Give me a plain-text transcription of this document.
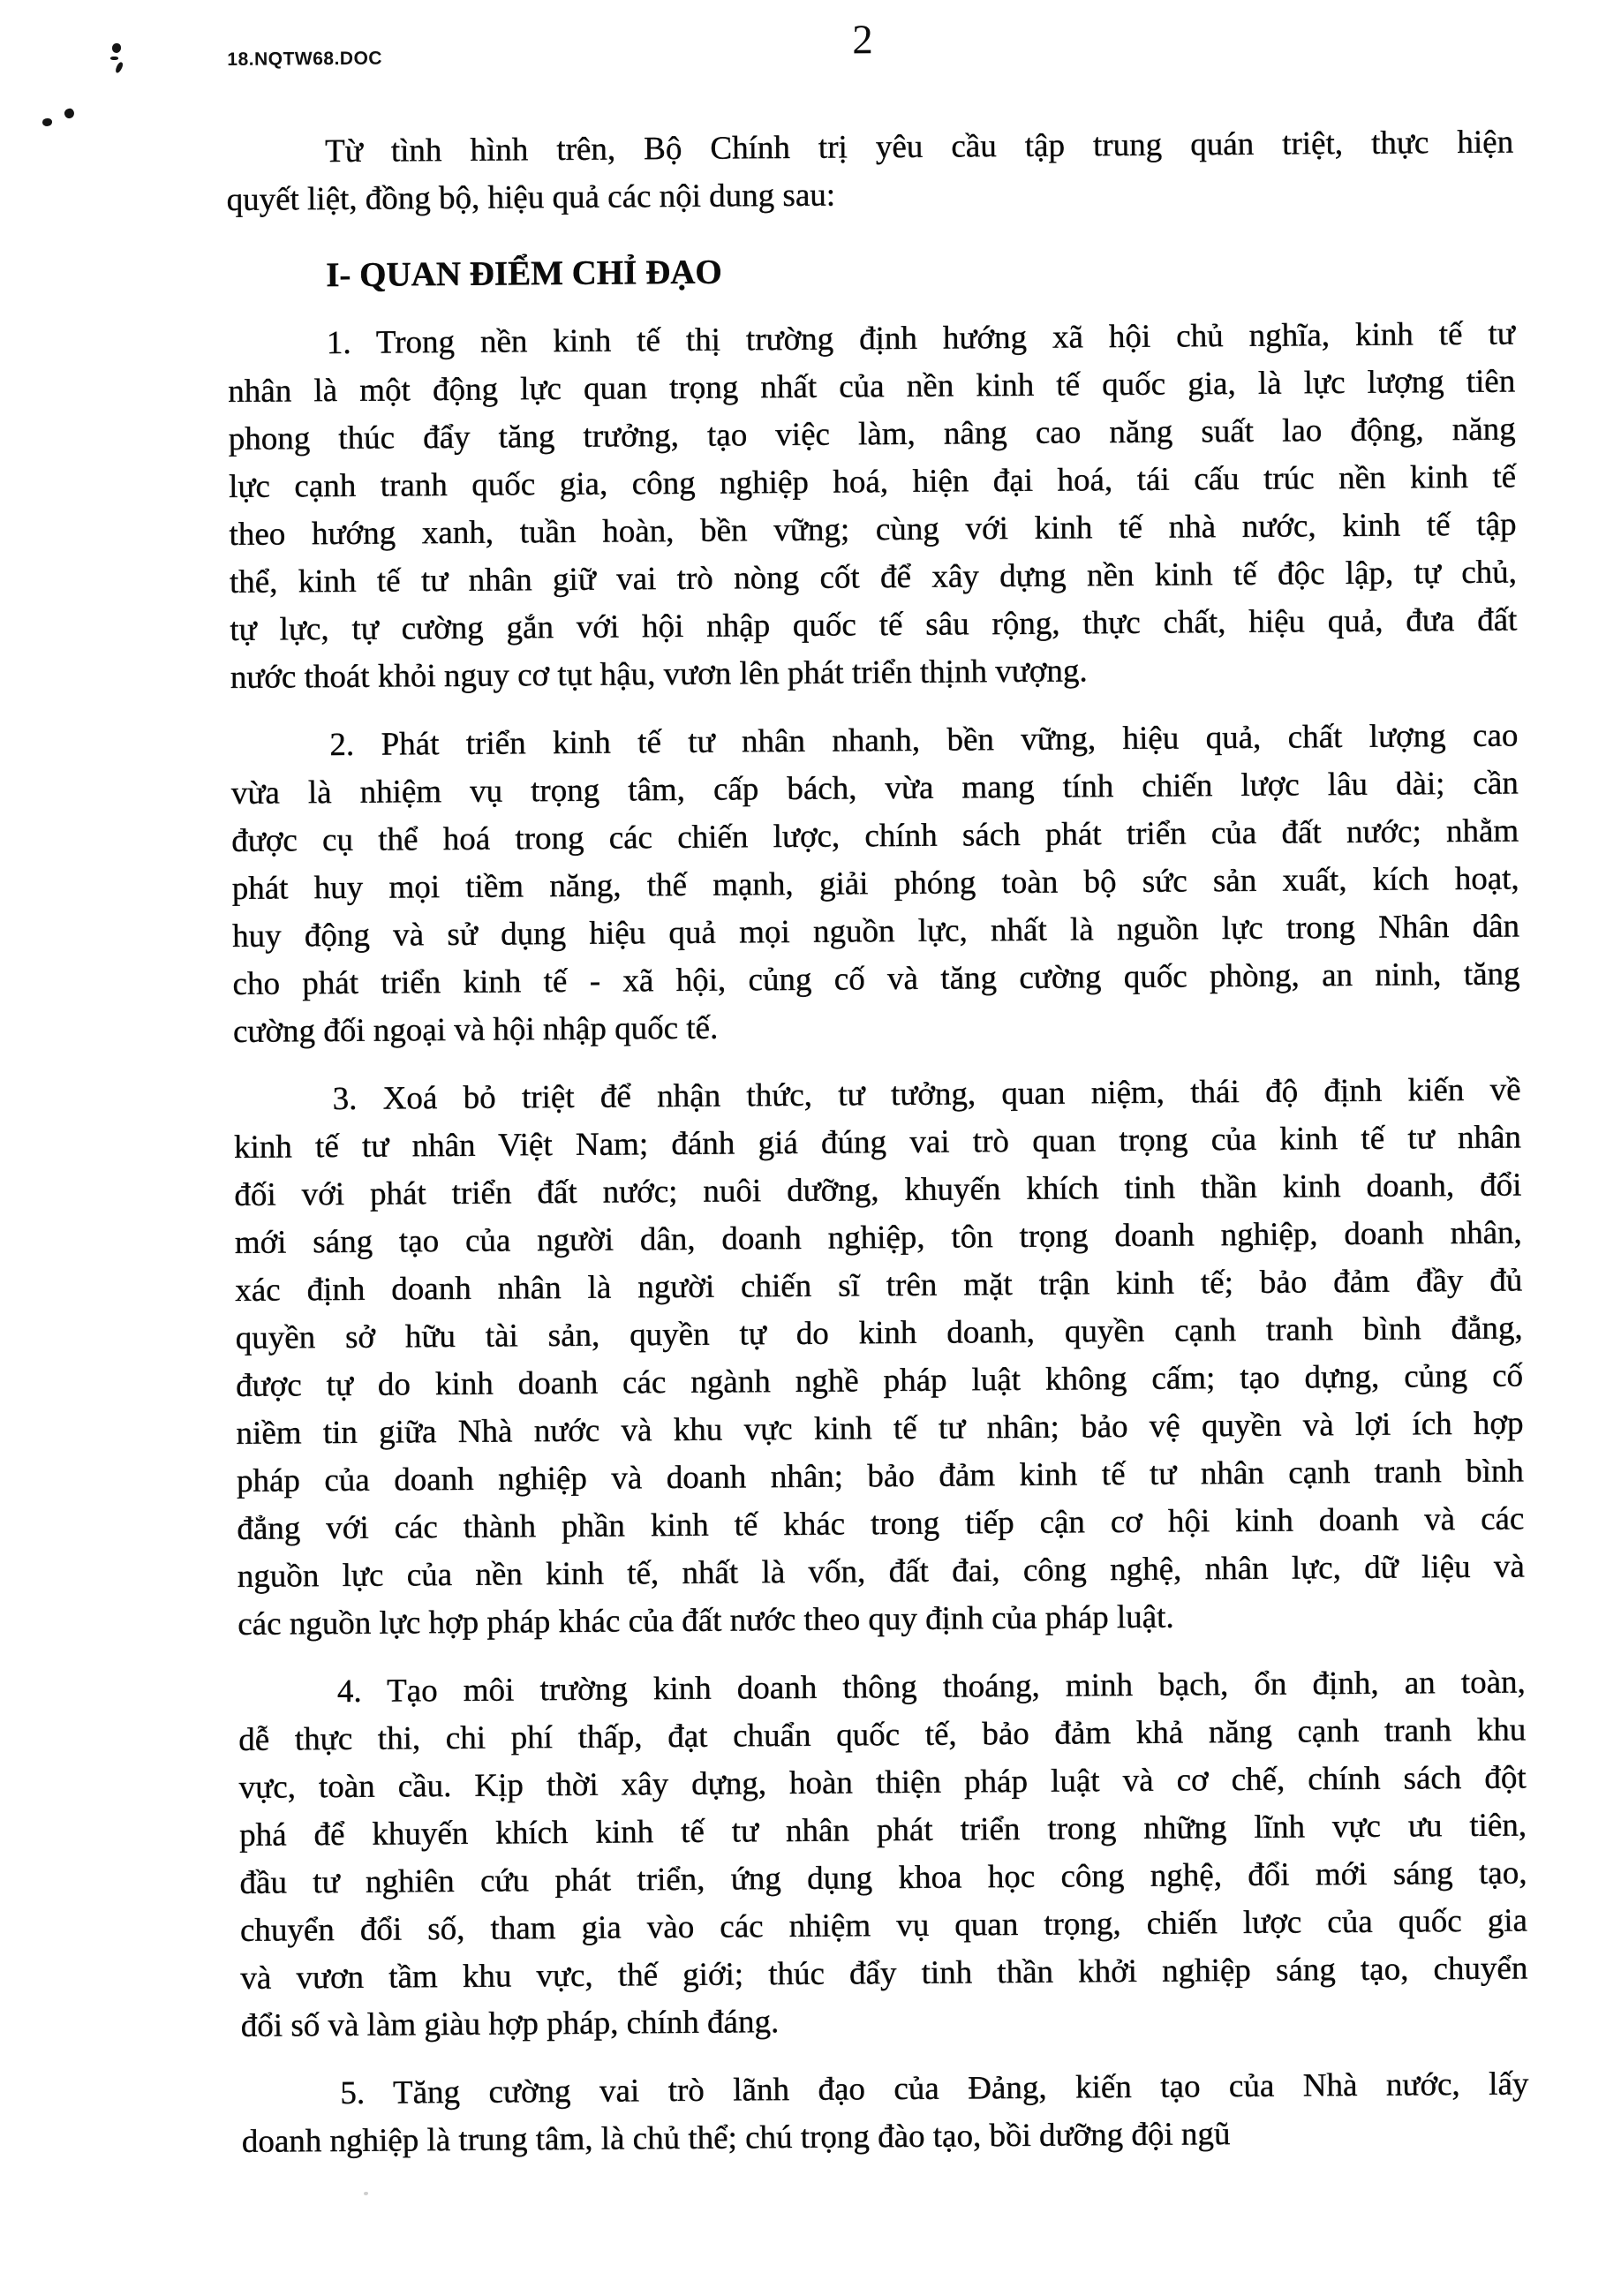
18.NQTW68.DOC	2
Từ tình hình trên, Bộ Chính trị yêu cầu tập trung quán triệt, thực hiện
quyết liệt, đồng bộ, hiệu quả các nội dung sau:
I- QUAN ĐIỂM CHỈ ĐẠO
1. Trong nền kinh tế thị trường định hướng xã hội chủ nghĩa, kinh tế tư
nhân là một động lực quan trọng nhất của nền kinh tế quốc gia, là lực lượng tiên
phong thúc đẩy tăng trưởng, tạo việc làm, nâng cao năng suất lao động, năng
lực cạnh tranh quốc gia, công nghiệp hoá, hiện đại hoá, tái cấu trúc nền kinh tế
theo hướng xanh, tuần hoàn, bền vững; cùng với kinh tế nhà nước, kinh tế tập
thể, kinh tế tư nhân giữ vai trò nòng cốt để xây dựng nền kinh tế độc lập, tự chủ,
tự lực, tự cường gắn với hội nhập quốc tế sâu rộng, thực chất, hiệu quả, đưa đất
nước thoát khỏi nguy cơ tụt hậu, vươn lên phát triển thịnh vượng.
2. Phát triển kinh tế tư nhân nhanh, bền vững, hiệu quả, chất lượng cao
vừa là nhiệm vụ trọng tâm, cấp bách, vừa mang tính chiến lược lâu dài; cần
được cụ thể hoá trong các chiến lược, chính sách phát triển của đất nước; nhằm
phát huy mọi tiềm năng, thế mạnh, giải phóng toàn bộ sức sản xuất, kích hoạt,
huy động và sử dụng hiệu quả mọi nguồn lực, nhất là nguồn lực trong Nhân dân
cho phát triển kinh tế - xã hội, củng cố và tăng cường quốc phòng, an ninh, tăng
cường đối ngoại và hội nhập quốc tế.
3. Xoá bỏ triệt để nhận thức, tư tưởng, quan niệm, thái độ định kiến về
kinh tế tư nhân Việt Nam; đánh giá đúng vai trò quan trọng của kinh tế tư nhân
đối với phát triển đất nước; nuôi dưỡng, khuyến khích tinh thần kinh doanh, đổi
mới sáng tạo của người dân, doanh nghiệp, tôn trọng doanh nghiệp, doanh nhân,
xác định doanh nhân là người chiến sĩ trên mặt trận kinh tế; bảo đảm đầy đủ
quyền sở hữu tài sản, quyền tự do kinh doanh, quyền cạnh tranh bình đẳng,
được tự do kinh doanh các ngành nghề pháp luật không cấm; tạo dựng, củng cố
niềm tin giữa Nhà nước và khu vực kinh tế tư nhân; bảo vệ quyền và lợi ích hợp
pháp của doanh nghiệp và doanh nhân; bảo đảm kinh tế tư nhân cạnh tranh bình
đẳng với các thành phần kinh tế khác trong tiếp cận cơ hội kinh doanh và các
nguồn lực của nền kinh tế, nhất là vốn, đất đai, công nghệ, nhân lực, dữ liệu và
các nguồn lực hợp pháp khác của đất nước theo quy định của pháp luật.
4. Tạo môi trường kinh doanh thông thoáng, minh bạch, ổn định, an toàn,
dễ thực thi, chi phí thấp, đạt chuẩn quốc tế, bảo đảm khả năng cạnh tranh khu
vực, toàn cầu. Kịp thời xây dựng, hoàn thiện pháp luật và cơ chế, chính sách đột
phá để khuyến khích kinh tế tư nhân phát triển trong những lĩnh vực ưu tiên,
đầu tư nghiên cứu phát triển, ứng dụng khoa học công nghệ, đổi mới sáng tạo,
chuyển đổi số, tham gia vào các nhiệm vụ quan trọng, chiến lược của quốc gia
và vươn tầm khu vực, thế giới; thúc đẩy tinh thần khởi nghiệp sáng tạo, chuyển
đổi số và làm giàu hợp pháp, chính đáng.
5. Tăng cường vai trò lãnh đạo của Đảng, kiến tạo của Nhà nước, lấy
doanh nghiệp là trung tâm, là chủ thể; chú trọng đào tạo, bồi dưỡng đội ngũ
